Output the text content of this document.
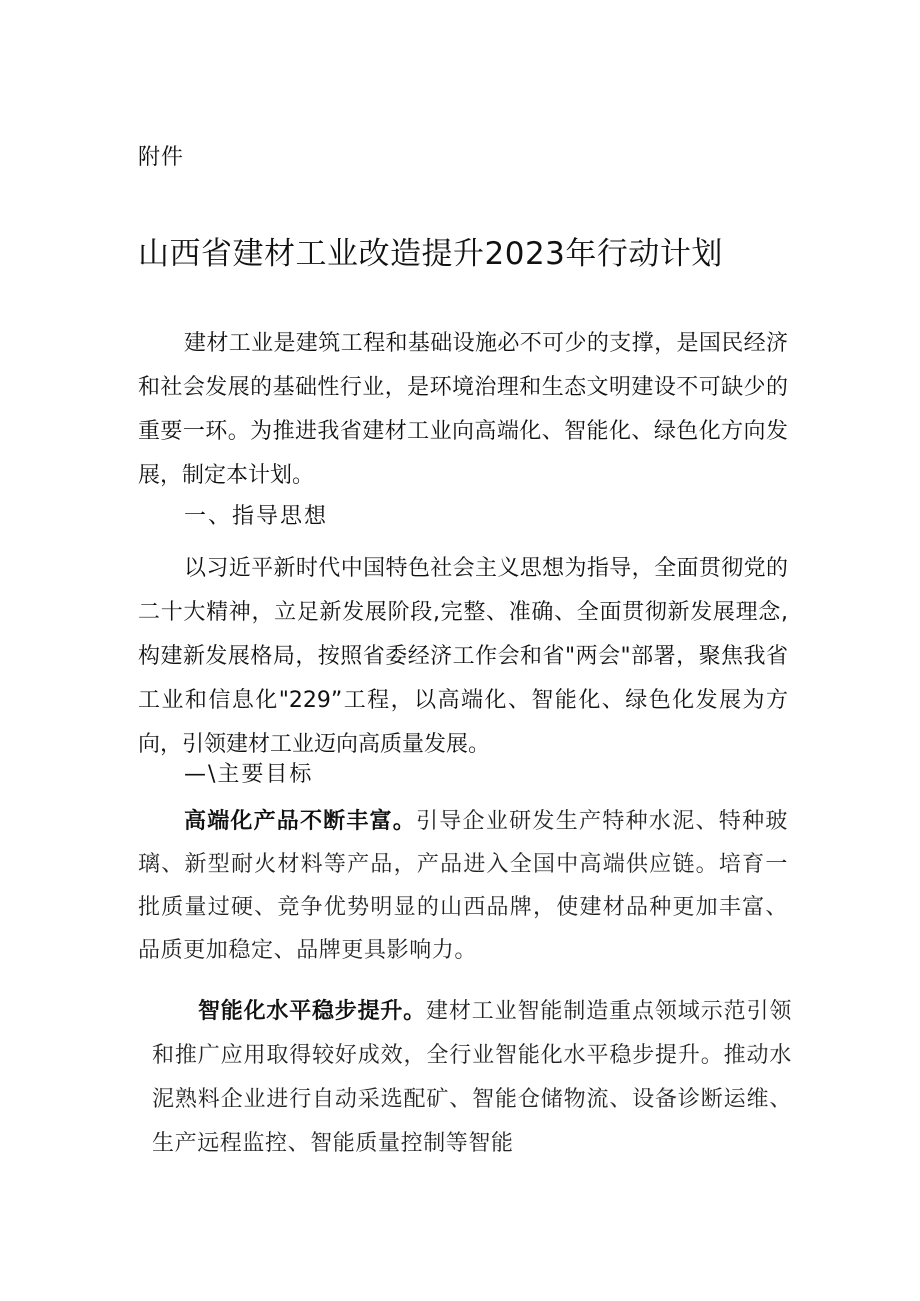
附件
山西省建材工业改造提升2023年行动计划

建材工业是建筑工程和基础设施必不可少的支撑，是国民经济和社会发展的基础性行业，是环境治理和生态文明建设不可缺少的重要一环。为推进我省建材工业向高端化、智能化、绿色化方向发展，制定本计划。

一、指导思想

以习近平新时代中国特色社会主义思想为指导，全面贯彻党的二十大精神，立足新发展阶段,完整、准确、全面贯彻新发展理念,构建新发展格局，按照省委经济工作会和省"两会"部署，聚焦我省工业和信息化"229”工程，以高端化、智能化、绿色化发展为方向，引领建材工业迈向高质量发展。

—\主要目标

高端化产品不断丰富。引导企业研发生产特种水泥、特种玻璃、新型耐火材料等产品，产品进入全国中高端供应链。培育一批质量过硬、竞争优势明显的山西品牌，使建材品种更加丰富、品质更加稳定、品牌更具影响力。

智能化水平稳步提升。建材工业智能制造重点领域示范引领和推广应用取得较好成效，全行业智能化水平稳步提升。推动水泥熟料企业进行自动采选配矿、智能仓储物流、设备诊断运维、生产远程监控、智能质量控制等智能
